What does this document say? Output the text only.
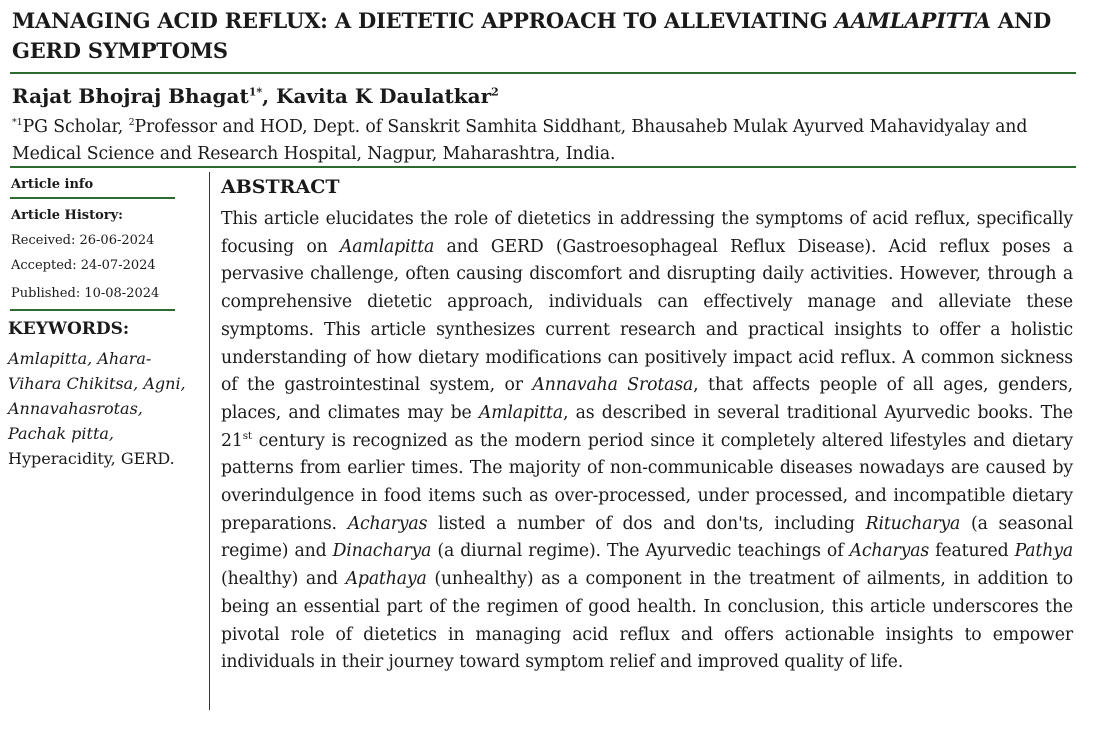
MANAGING ACID REFLUX: A DIETETIC APPROACH TO ALLEVIATING AAMLAPITTA AND GERD SYMPTOMS
Rajat Bhojraj Bhagat$^{1*}$, Kavita K Daulatkar$^2$
$^{*1}$PG Scholar, $^2$Professor and HOD, Dept. of Sanskrit Samhita Siddhant, Bhausaheb Mulak Ayurved Mahavidyalay and Medical Science and Research Hospital, Nagpur, Maharashtra, India.
Article info
Article History:
Received: 26-06-2024
Accepted: 24-07-2024
Published: 10-08-2024
KEYWORDS:
Amlapitta, Ahara-Vihara Chikitsa, Agni, Annavahasrotas, Pachak pitta, Hyperacidity, GERD.
ABSTRACT
This article elucidates the role of dietetics in addressing the symptoms of acid reflux, specifically focusing on Aamlapitta and GERD (Gastroesophageal Reflux Disease). Acid reflux poses a pervasive challenge, often causing discomfort and disrupting daily activities. However, through a comprehensive dietetic approach, individuals can effectively manage and alleviate these symptoms. This article synthesizes current research and practical insights to offer a holistic understanding of how dietary modifications can positively impact acid reflux. A common sickness of the gastrointestinal system, or Annavaha Srotasa, that affects people of all ages, genders, places, and climates may be Amlapitta, as described in several traditional Ayurvedic books. The 21st century is recognized as the modern period since it completely altered lifestyles and dietary patterns from earlier times. The majority of non-communicable diseases nowadays are caused by overindulgence in food items such as over-processed, under processed, and incompatible dietary preparations. Acharyas listed a number of dos and don'ts, including Ritucharya (a seasonal regime) and Dinacharya (a diurnal regime). The Ayurvedic teachings of Acharyas featured Pathya (healthy) and Apathaya (unhealthy) as a component in the treatment of ailments, in addition to being an essential part of the regimen of good health. In conclusion, this article underscores the pivotal role of dietetics in managing acid reflux and offers actionable insights to empower individuals in their journey toward symptom relief and improved quality of life.
